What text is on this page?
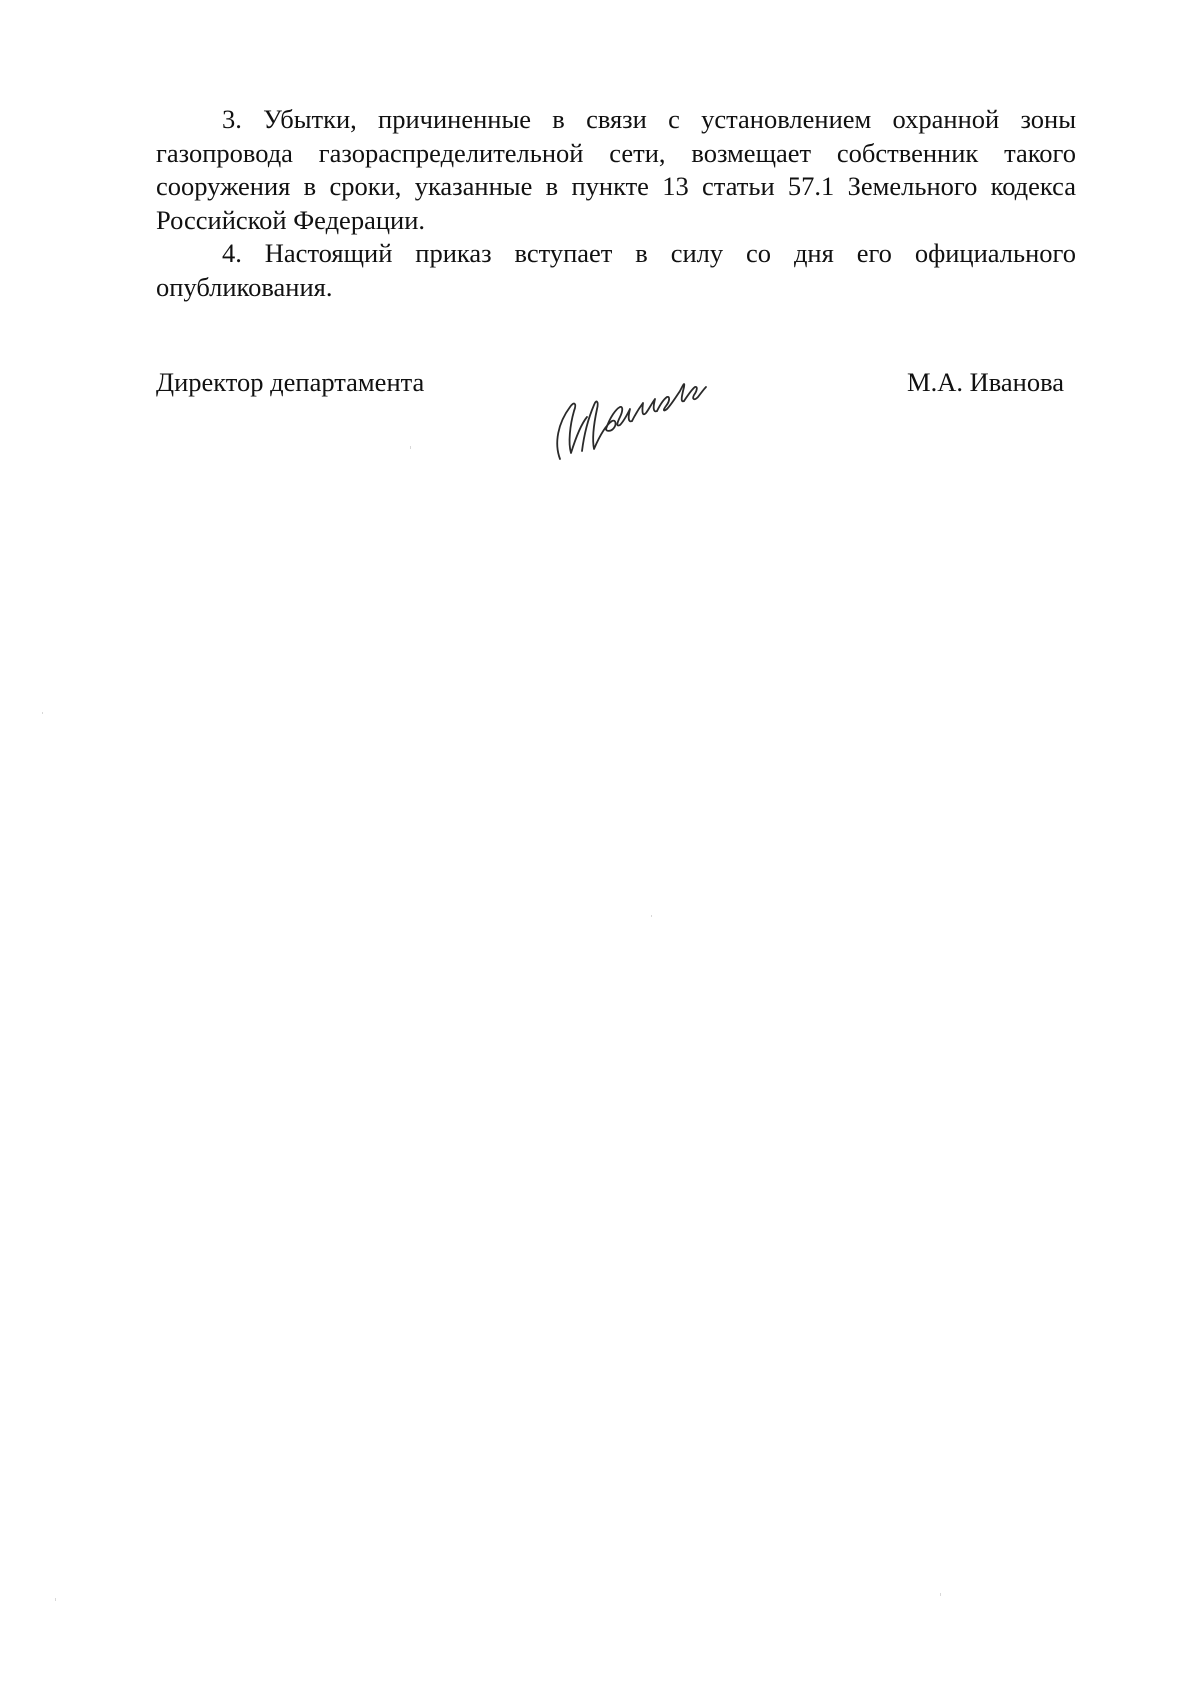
3. Убытки, причиненные в связи с установлением охранной зоны газопровода газораспределительной сети, возмещает собственник такого сооружения в сроки, указанные в пункте 13 статьи 57.1 Земельного кодекса Российской Федерации.

4. Настоящий приказ вступает в силу со дня его официального опубликования.

Директор департамента	М.А. Иванова
